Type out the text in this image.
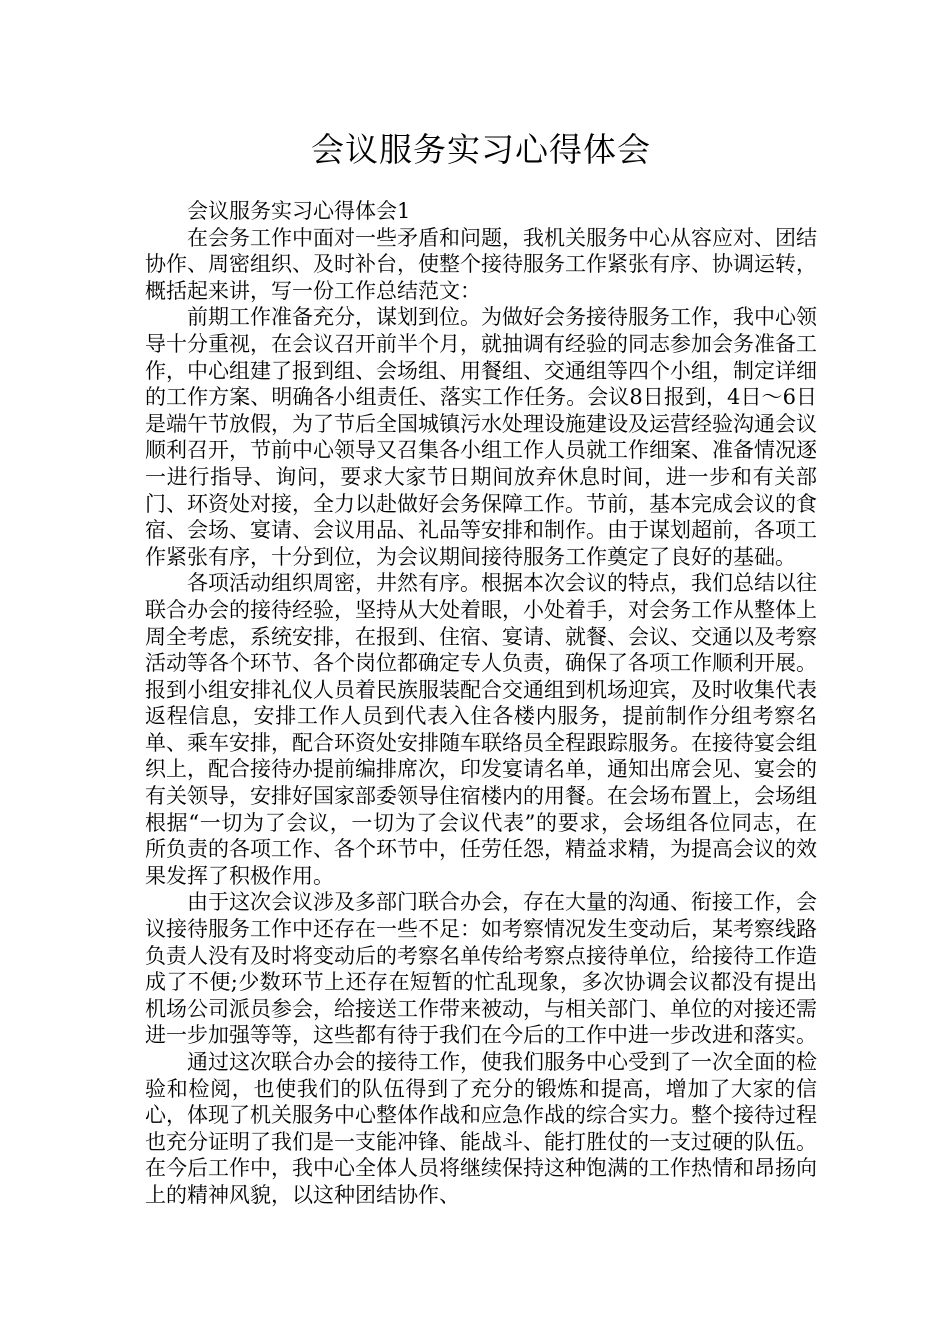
会议服务实习心得体会

会议服务实习心得体会1

在会务工作中面对一些矛盾和问题，我机关服务中心从容应对、团结协作、周密组织、及时补台，使整个接待服务工作紧张有序、协调运转，概括起来讲，写一份工作总结范文：

前期工作准备充分，谋划到位。为做好会务接待服务工作，我中心领导十分重视，在会议召开前半个月，就抽调有经验的同志参加会务准备工作，中心组建了报到组、会场组、用餐组、交通组等四个小组，制定详细的工作方案、明确各小组责任、落实工作任务。会议8日报到，4日～6日是端午节放假，为了节后全国城镇污水处理设施建设及运营经验沟通会议顺利召开，节前中心领导又召集各小组工作人员就工作细案、准备情况逐一进行指导、询问，要求大家节日期间放弃休息时间，进一步和有关部门、环资处对接，全力以赴做好会务保障工作。节前，基本完成会议的食宿、会场、宴请、会议用品、礼品等安排和制作。由于谋划超前，各项工作紧张有序，十分到位，为会议期间接待服务工作奠定了良好的基础。

各项活动组织周密，井然有序。根据本次会议的特点，我们总结以往联合办会的接待经验，坚持从大处着眼，小处着手，对会务工作从整体上周全考虑，系统安排，在报到、住宿、宴请、就餐、会议、交通以及考察活动等各个环节、各个岗位都确定专人负责，确保了各项工作顺利开展。报到小组安排礼仪人员着民族服装配合交通组到机场迎宾，及时收集代表返程信息，安排工作人员到代表入住各楼内服务，提前制作分组考察名单、乘车安排，配合环资处安排随车联络员全程跟踪服务。在接待宴会组织上，配合接待办提前编排席次，印发宴请名单，通知出席会见、宴会的有关领导，安排好国家部委领导住宿楼内的用餐。在会场布置上，会场组根据“一切为了会议，一切为了会议代表”的要求，会场组各位同志，在所负责的各项工作、各个环节中，任劳任怨，精益求精，为提高会议的效果发挥了积极作用。

由于这次会议涉及多部门联合办会，存在大量的沟通、衔接工作，会议接待服务工作中还存在一些不足：如考察情况发生变动后，某考察线路负责人没有及时将变动后的考察名单传给考察点接待单位，给接待工作造成了不便;少数环节上还存在短暂的忙乱现象，多次协调会议都没有提出机场公司派员参会，给接送工作带来被动，与相关部门、单位的对接还需进一步加强等等，这些都有待于我们在今后的工作中进一步改进和落实。

通过这次联合办会的接待工作，使我们服务中心受到了一次全面的检验和检阅，也使我们的队伍得到了充分的锻炼和提高，增加了大家的信心，体现了机关服务中心整体作战和应急作战的综合实力。整个接待过程也充分证明了我们是一支能冲锋、能战斗、能打胜仗的一支过硬的队伍。在今后工作中，我中心全体人员将继续保持这种饱满的工作热情和昂扬向上的精神风貌，以这种团结协作、
